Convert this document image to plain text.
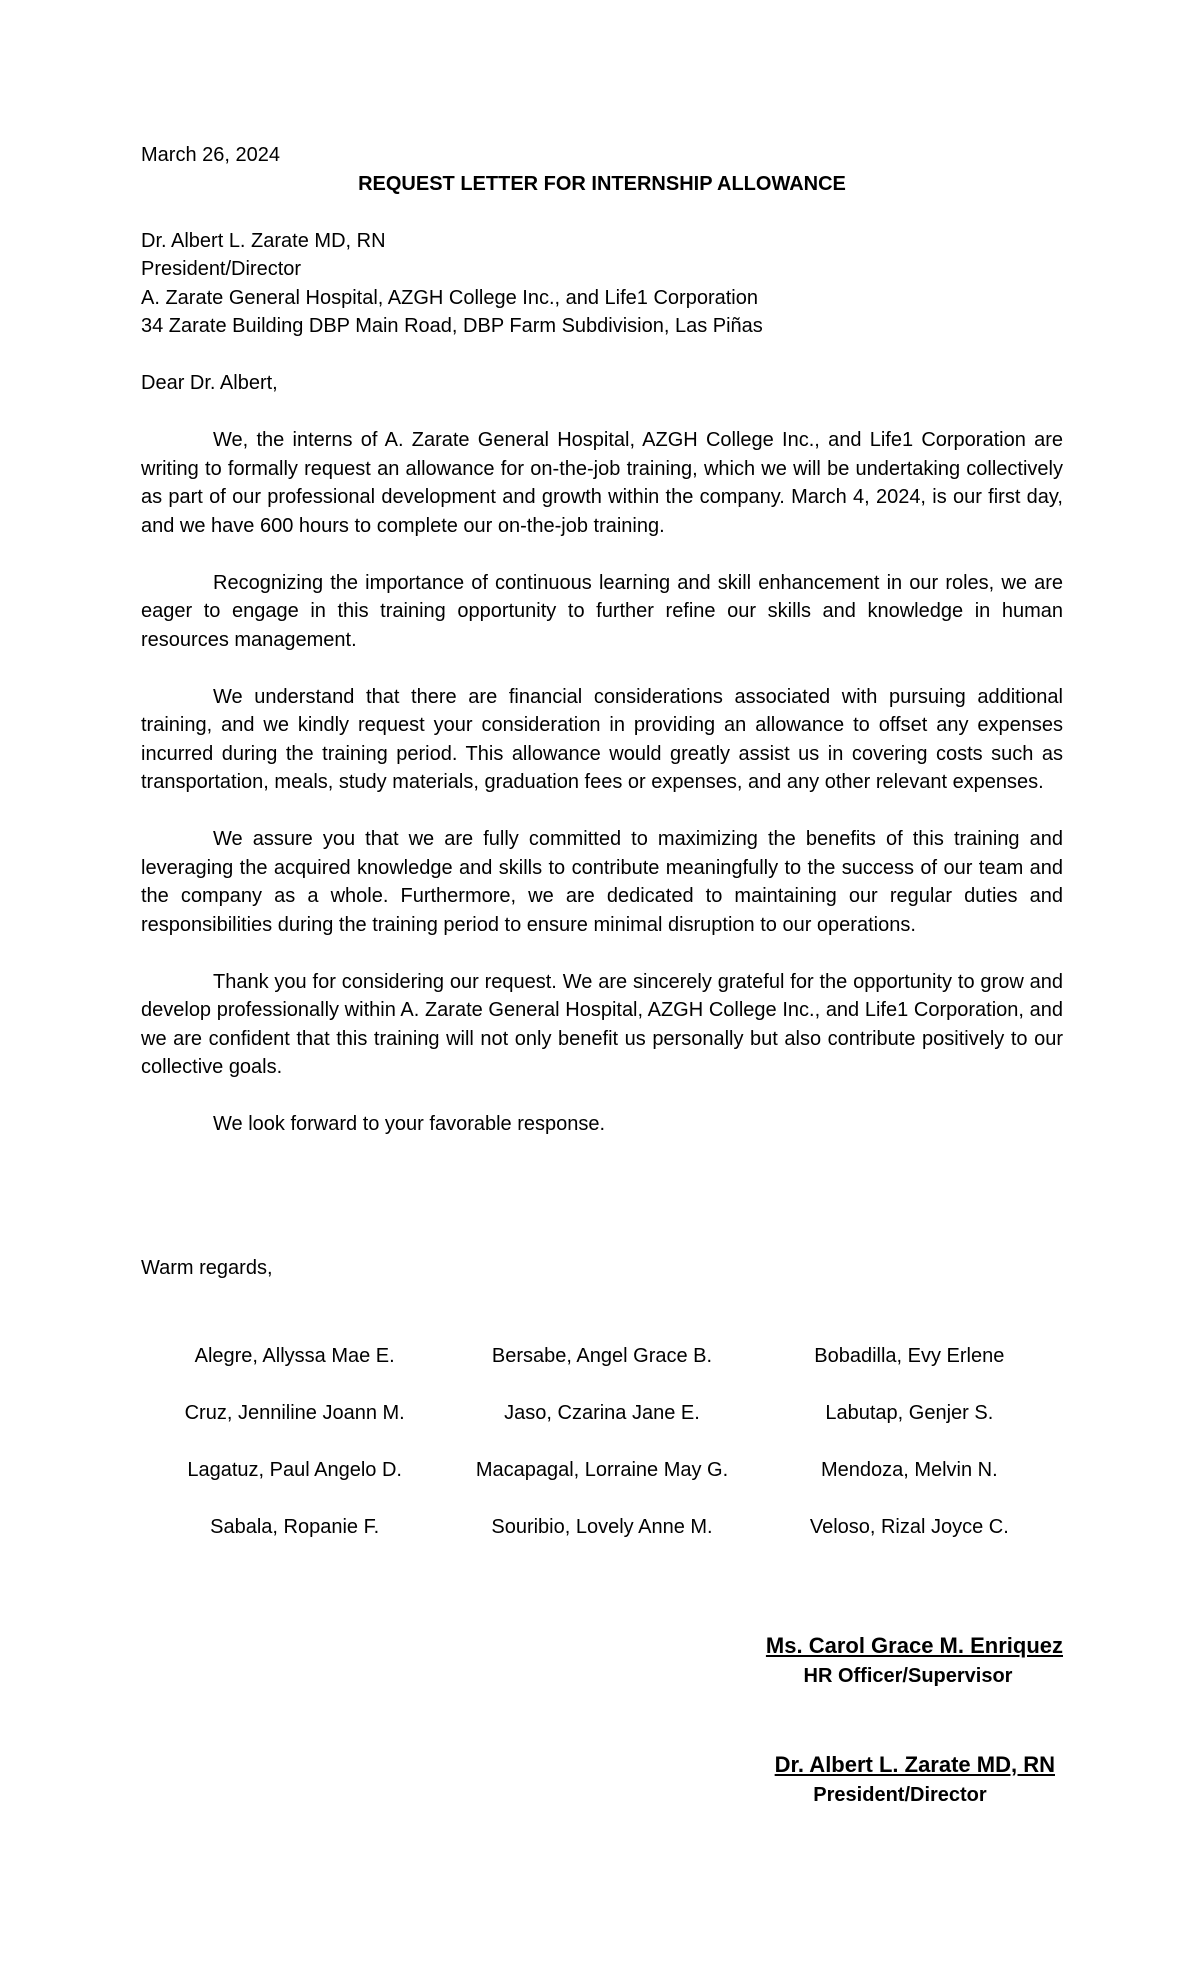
March 26, 2024

REQUEST LETTER FOR INTERNSHIP ALLOWANCE

Dr. Albert L. Zarate MD, RN

President/Director

A. Zarate General Hospital, AZGH College Inc., and Life1 Corporation

34 Zarate Building DBP Main Road, DBP Farm Subdivision, Las Piñas

Dear Dr. Albert,

We, the interns of A. Zarate General Hospital, AZGH College Inc., and Life1 Corporation are writing to formally request an allowance for on-the-job training, which we will be undertaking collectively as part of our professional development and growth within the company. March 4, 2024, is our first day, and we have 600 hours to complete our on-the-job training.

Recognizing the importance of continuous learning and skill enhancement in our roles, we are eager to engage in this training opportunity to further refine our skills and knowledge in human resources management.

We understand that there are financial considerations associated with pursuing additional training, and we kindly request your consideration in providing an allowance to offset any expenses incurred during the training period. This allowance would greatly assist us in covering costs such as transportation, meals, study materials, graduation fees or expenses, and any other relevant expenses.

We assure you that we are fully committed to maximizing the benefits of this training and leveraging the acquired knowledge and skills to contribute meaningfully to the success of our team and the company as a whole. Furthermore, we are dedicated to maintaining our regular duties and responsibilities during the training period to ensure minimal disruption to our operations.

Thank you for considering our request. We are sincerely grateful for the opportunity to grow and develop professionally within A. Zarate General Hospital, AZGH College Inc., and Life1 Corporation, and we are confident that this training will not only benefit us personally but also contribute positively to our collective goals.

We look forward to your favorable response.

Warm regards,

Alegre, Allyssa Mae E.	Bersabe, Angel Grace B.	Bobadilla, Evy Erlene

Cruz, Jenniline Joann M.	Jaso, Czarina Jane E.	Labutap, Genjer S.

Lagatuz, Paul Angelo D.	Macapagal, Lorraine May G.	Mendoza, Melvin N.

Sabala, Ropanie F.	Souribio, Lovely Anne M.	Veloso, Rizal Joyce C.

Ms. Carol Grace M. Enriquez

HR Officer/Supervisor

Dr. Albert L. Zarate MD, RN

President/Director
